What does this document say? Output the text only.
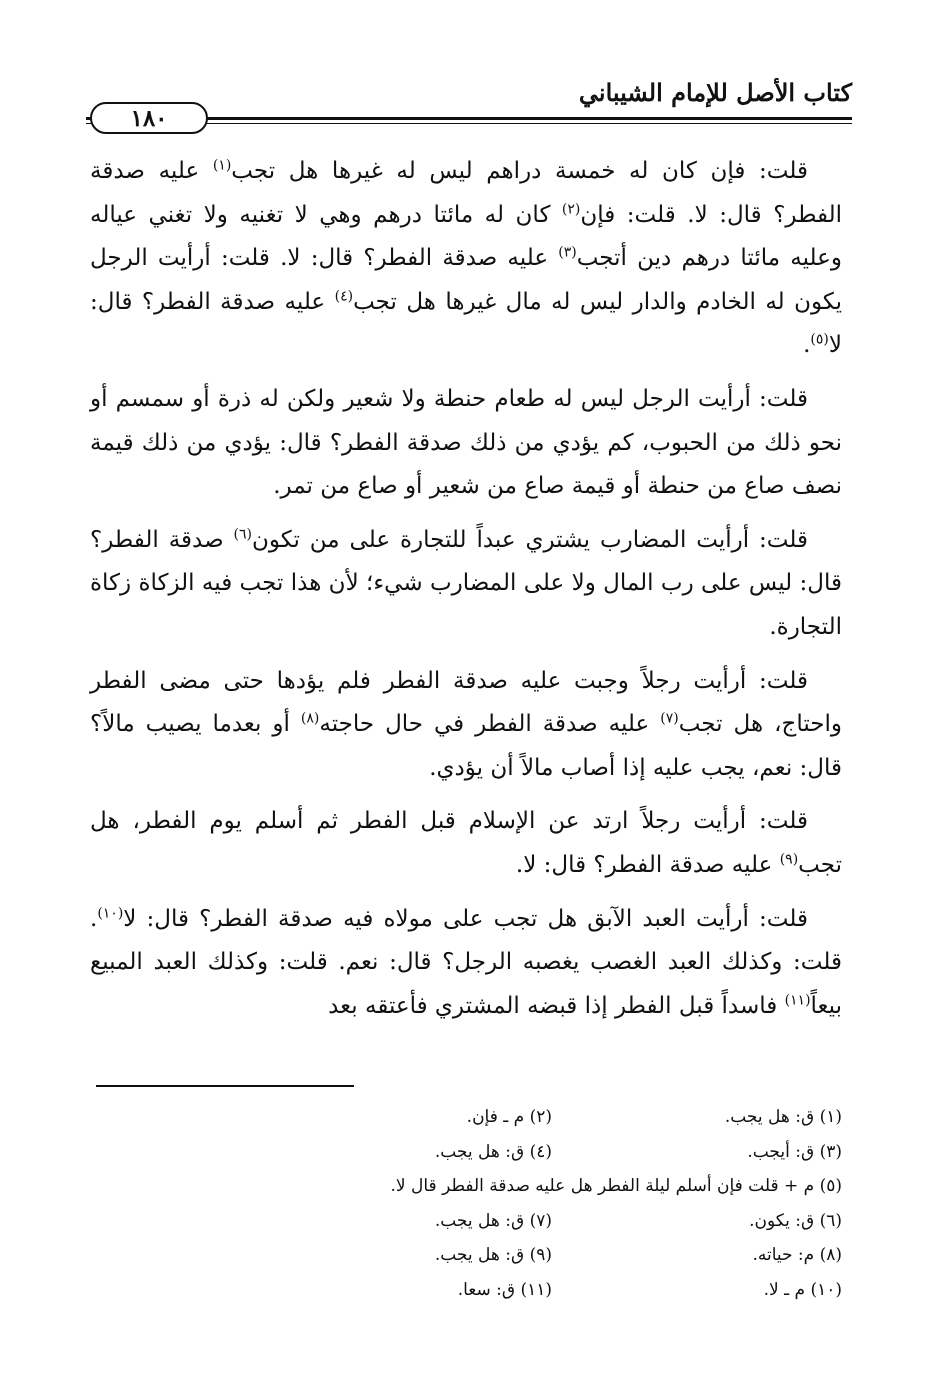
كتاب الأصل للإمام الشيباني
١٨٠

قلت: فإن كان له خمسة دراهم ليس له غيرها هل تجب$^{(١)}$ عليه صدقة الفطر؟ قال: لا. قلت: فإن$^{(٢)}$ كان له مائتا درهم وهي لا تغنيه ولا تغني عياله وعليه مائتا درهم دين أتجب$^{(٣)}$ عليه صدقة الفطر؟ قال: لا. قلت: أرأيت الرجل يكون له الخادم والدار ليس له مال غيرها هل تجب$^{(٤)}$ عليه صدقة الفطر؟ قال: لا$^{(٥)}$.

قلت: أرأيت الرجل ليس له طعام حنطة ولا شعير ولكن له ذرة أو سمسم أو نحو ذلك من الحبوب، كم يؤدي من ذلك صدقة الفطر؟ قال: يؤدي من ذلك قيمة نصف صاع من حنطة أو قيمة صاع من شعير أو صاع من تمر.

قلت: أرأيت المضارب يشتري عبداً للتجارة على من تكون$^{(٦)}$ صدقة الفطر؟ قال: ليس على رب المال ولا على المضارب شيء؛ لأن هذا تجب فيه الزكاة زكاة التجارة.

قلت: أرأيت رجلاً وجبت عليه صدقة الفطر فلم يؤدها حتى مضى الفطر واحتاج، هل تجب$^{(٧)}$ عليه صدقة الفطر في حال حاجته$^{(٨)}$ أو بعدما يصيب مالاً؟ قال: نعم، يجب عليه إذا أصاب مالاً أن يؤدي.

قلت: أرأيت رجلاً ارتد عن الإسلام قبل الفطر ثم أسلم يوم الفطر، هل تجب$^{(٩)}$ عليه صدقة الفطر؟ قال: لا.

قلت: أرأيت العبد الآبق هل تجب على مولاه فيه صدقة الفطر؟ قال: لا$^{(١٠)}$. قلت: وكذلك العبد الغصب يغصبه الرجل؟ قال: نعم. قلت: وكذلك العبد المبيع بيعاً$^{(١١)}$ فاسداً قبل الفطر إذا قبضه المشتري فأعتقه بعد

(١) ق: هل يجب.
(٢) م ـ فإن.
(٣) ق: أيجب.
(٤) ق: هل يجب.
(٥) م + قلت فإن أسلم ليلة الفطر هل عليه صدقة الفطر قال لا.
(٦) ق: يكون.
(٧) ق: هل يجب.
(٨) م: حياته.
(٩) ق: هل يجب.
(١٠) م ـ لا.
(١١) ق: سعا.
